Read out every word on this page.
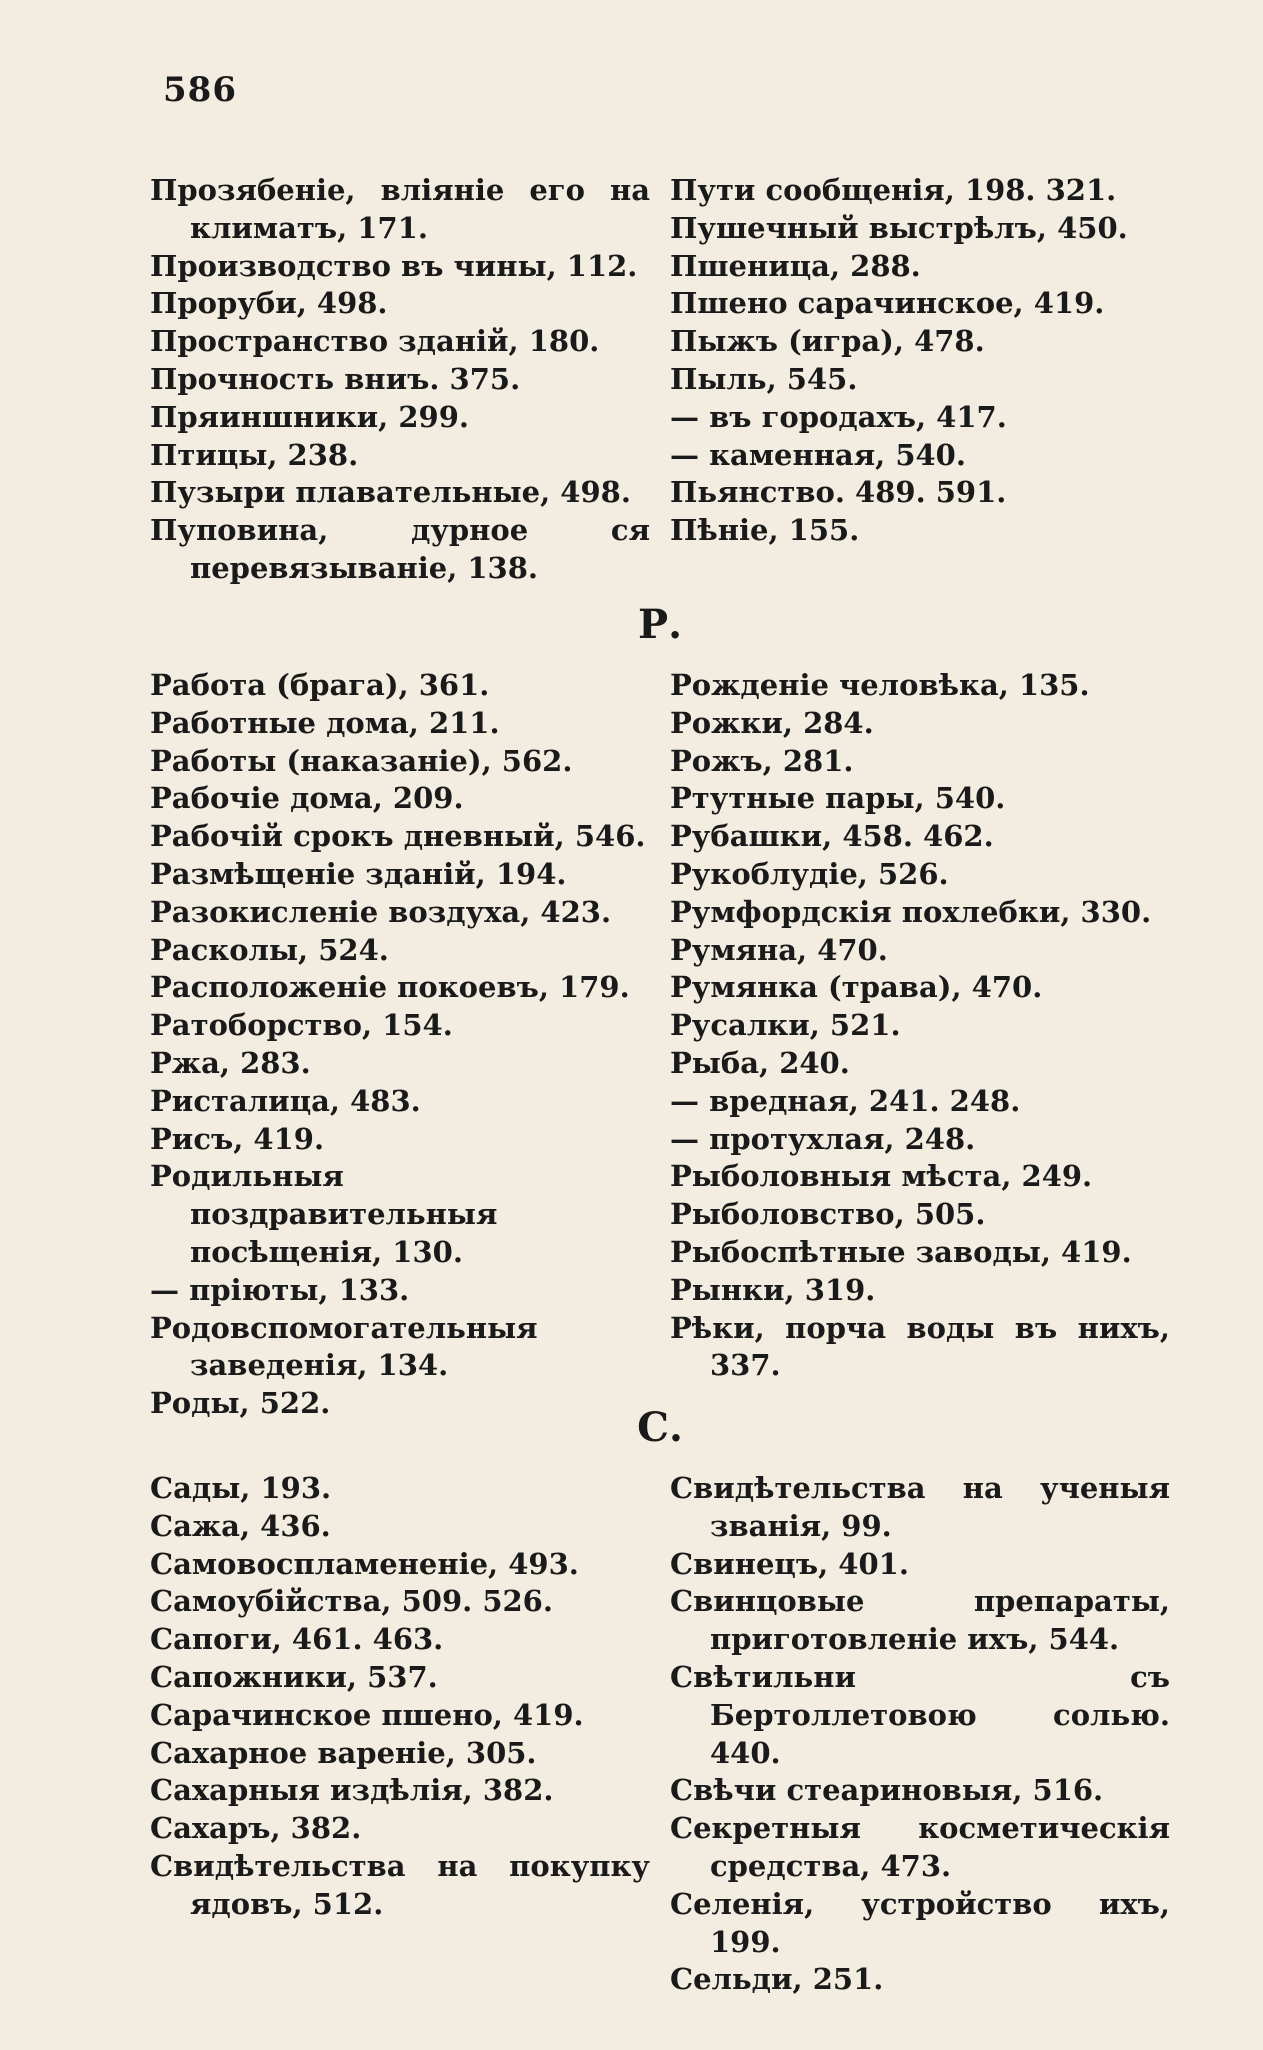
586
Прозябеніе, вліяніе его на климатъ, 171.
Производство въ чины, 112.
Проруби, 498.
Пространство зданій, 180.
Прочность вниъ. 375.
Пряиншники, 299.
Птицы, 238.
Пузыри плавательные, 498.
Пуповина, дурное ся перевязываніе, 138.
Пути сообщенія, 198. 321.
Пушечный выстрѣлъ, 450.
Пшеница, 288.
Пшено сарачинское, 419.
Пыжъ (игра), 478.
Пыль, 545.
— въ городахъ, 417.
— каменная, 540.
Пьянство. 489. 591.
Пѣніе, 155.
Р.
Работа (брага), 361.
Работные дома, 211.
Работы (наказаніе), 562.
Рабочіе дома, 209.
Рабочій срокъ дневный, 546.
Размѣщеніе зданій, 194.
Разокисленіе воздуха, 423.
Расколы, 524.
Расположеніе покоевъ, 179.
Ратоборство, 154.
Ржа, 283.
Ристалица, 483.
Рисъ, 419.
Родильныя поздравительныя посѣщенія, 130.
— пріюты, 133.
Родовспомогательныя заведенія, 134.
Роды, 522.
Рожденіе человѣка, 135.
Рожки, 284.
Рожъ, 281.
Ртутные пары, 540.
Рубашки, 458. 462.
Рукоблудіе, 526.
Румфордскія похлебки, 330.
Румяна, 470.
Румянка (трава), 470.
Русалки, 521.
Рыба, 240.
— вредная, 241. 248.
— протухлая, 248.
Рыболовныя мѣста, 249.
Рыболовство, 505.
Рыбоспѣтные заводы, 419.
Рынки, 319.
Рѣки, порча воды въ нихъ, 337.
С.
Сады, 193.
Сажа, 436.
Самовоспламененіе, 493.
Самоубійства, 509. 526.
Сапоги, 461. 463.
Сапожники, 537.
Сарачинское пшено, 419.
Сахарное вареніе, 305.
Сахарныя издѣлія, 382.
Сахаръ, 382.
Свидѣтельства на покупку ядовъ, 512.
Свидѣтельства на ученыя званія, 99.
Свинецъ, 401.
Свинцовые препараты, приготовленіе ихъ, 544.
Свѣтильни съ Бертоллетовою солью. 440.
Свѣчи стеариновыя, 516.
Секретныя косметическія средства, 473.
Селенія, устройство ихъ, 199.
Сельди, 251.
